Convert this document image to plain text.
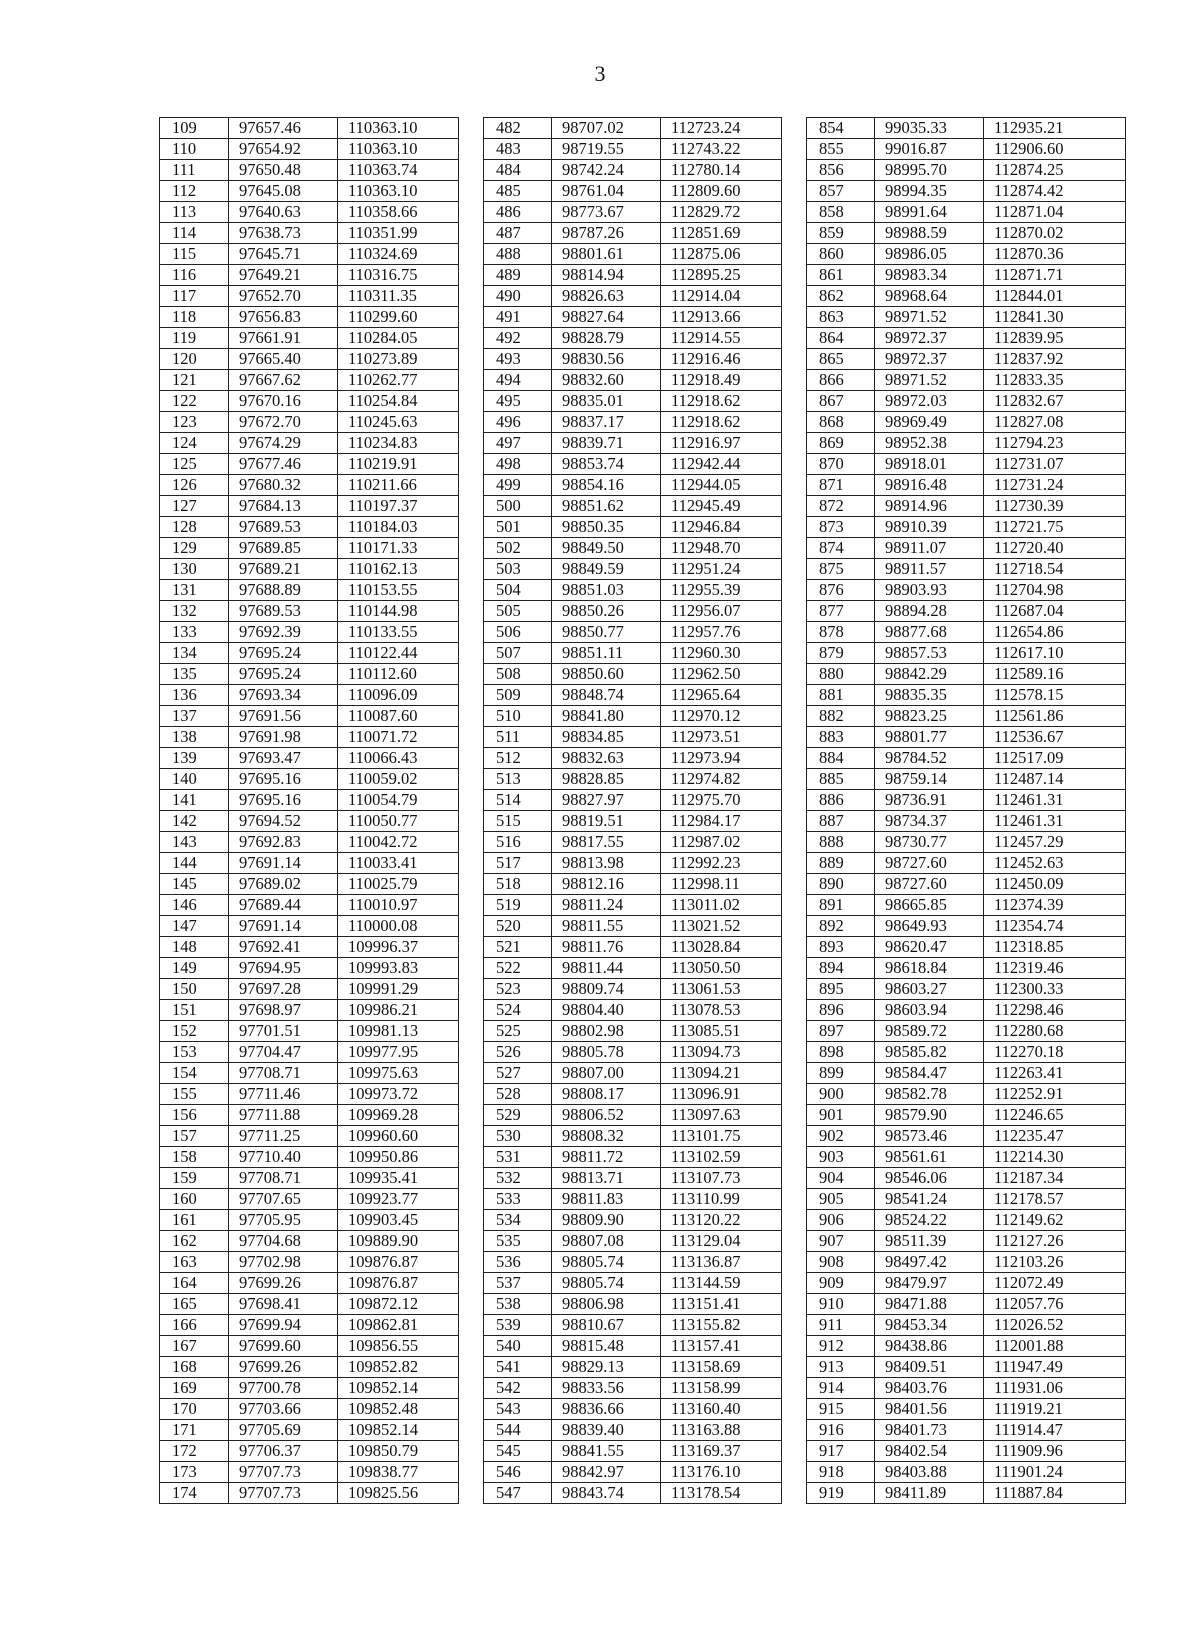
3
109	97657.46	110363.10		482	98707.02	112723.24		854	99035.33	112935.21
110	97654.92	110363.10		483	98719.55	112743.22		855	99016.87	112906.60
111	97650.48	110363.74		484	98742.24	112780.14		856	98995.70	112874.25
112	97645.08	110363.10		485	98761.04	112809.60		857	98994.35	112874.42
113	97640.63	110358.66		486	98773.67	112829.72		858	98991.64	112871.04
114	97638.73	110351.99		487	98787.26	112851.69		859	98988.59	112870.02
115	97645.71	110324.69		488	98801.61	112875.06		860	98986.05	112870.36
116	97649.21	110316.75		489	98814.94	112895.25		861	98983.34	112871.71
117	97652.70	110311.35		490	98826.63	112914.04		862	98968.64	112844.01
118	97656.83	110299.60		491	98827.64	112913.66		863	98971.52	112841.30
119	97661.91	110284.05		492	98828.79	112914.55		864	98972.37	112839.95
120	97665.40	110273.89		493	98830.56	112916.46		865	98972.37	112837.92
121	97667.62	110262.77		494	98832.60	112918.49		866	98971.52	112833.35
122	97670.16	110254.84		495	98835.01	112918.62		867	98972.03	112832.67
123	97672.70	110245.63		496	98837.17	112918.62		868	98969.49	112827.08
124	97674.29	110234.83		497	98839.71	112916.97		869	98952.38	112794.23
125	97677.46	110219.91		498	98853.74	112942.44		870	98918.01	112731.07
126	97680.32	110211.66		499	98854.16	112944.05		871	98916.48	112731.24
127	97684.13	110197.37		500	98851.62	112945.49		872	98914.96	112730.39
128	97689.53	110184.03		501	98850.35	112946.84		873	98910.39	112721.75
129	97689.85	110171.33		502	98849.50	112948.70		874	98911.07	112720.40
130	97689.21	110162.13		503	98849.59	112951.24		875	98911.57	112718.54
131	97688.89	110153.55		504	98851.03	112955.39		876	98903.93	112704.98
132	97689.53	110144.98		505	98850.26	112956.07		877	98894.28	112687.04
133	97692.39	110133.55		506	98850.77	112957.76		878	98877.68	112654.86
134	97695.24	110122.44		507	98851.11	112960.30		879	98857.53	112617.10
135	97695.24	110112.60		508	98850.60	112962.50		880	98842.29	112589.16
136	97693.34	110096.09		509	98848.74	112965.64		881	98835.35	112578.15
137	97691.56	110087.60		510	98841.80	112970.12		882	98823.25	112561.86
138	97691.98	110071.72		511	98834.85	112973.51		883	98801.77	112536.67
139	97693.47	110066.43		512	98832.63	112973.94		884	98784.52	112517.09
140	97695.16	110059.02		513	98828.85	112974.82		885	98759.14	112487.14
141	97695.16	110054.79		514	98827.97	112975.70		886	98736.91	112461.31
142	97694.52	110050.77		515	98819.51	112984.17		887	98734.37	112461.31
143	97692.83	110042.72		516	98817.55	112987.02		888	98730.77	112457.29
144	97691.14	110033.41		517	98813.98	112992.23		889	98727.60	112452.63
145	97689.02	110025.79		518	98812.16	112998.11		890	98727.60	112450.09
146	97689.44	110010.97		519	98811.24	113011.02		891	98665.85	112374.39
147	97691.14	110000.08		520	98811.55	113021.52		892	98649.93	112354.74
148	97692.41	109996.37		521	98811.76	113028.84		893	98620.47	112318.85
149	97694.95	109993.83		522	98811.44	113050.50		894	98618.84	112319.46
150	97697.28	109991.29		523	98809.74	113061.53		895	98603.27	112300.33
151	97698.97	109986.21		524	98804.40	113078.53		896	98603.94	112298.46
152	97701.51	109981.13		525	98802.98	113085.51		897	98589.72	112280.68
153	97704.47	109977.95		526	98805.78	113094.73		898	98585.82	112270.18
154	97708.71	109975.63		527	98807.00	113094.21		899	98584.47	112263.41
155	97711.46	109973.72		528	98808.17	113096.91		900	98582.78	112252.91
156	97711.88	109969.28		529	98806.52	113097.63		901	98579.90	112246.65
157	97711.25	109960.60		530	98808.32	113101.75		902	98573.46	112235.47
158	97710.40	109950.86		531	98811.72	113102.59		903	98561.61	112214.30
159	97708.71	109935.41		532	98813.71	113107.73		904	98546.06	112187.34
160	97707.65	109923.77		533	98811.83	113110.99		905	98541.24	112178.57
161	97705.95	109903.45		534	98809.90	113120.22		906	98524.22	112149.62
162	97704.68	109889.90		535	98807.08	113129.04		907	98511.39	112127.26
163	97702.98	109876.87		536	98805.74	113136.87		908	98497.42	112103.26
164	97699.26	109876.87		537	98805.74	113144.59		909	98479.97	112072.49
165	97698.41	109872.12		538	98806.98	113151.41		910	98471.88	112057.76
166	97699.94	109862.81		539	98810.67	113155.82		911	98453.34	112026.52
167	97699.60	109856.55		540	98815.48	113157.41		912	98438.86	112001.88
168	97699.26	109852.82		541	98829.13	113158.69		913	98409.51	111947.49
169	97700.78	109852.14		542	98833.56	113158.99		914	98403.76	111931.06
170	97703.66	109852.48		543	98836.66	113160.40		915	98401.56	111919.21
171	97705.69	109852.14		544	98839.40	113163.88		916	98401.73	111914.47
172	97706.37	109850.79		545	98841.55	113169.37		917	98402.54	111909.96
173	97707.73	109838.77		546	98842.97	113176.10		918	98403.88	111901.24
174	97707.73	109825.56		547	98843.74	113178.54		919	98411.89	111887.84
